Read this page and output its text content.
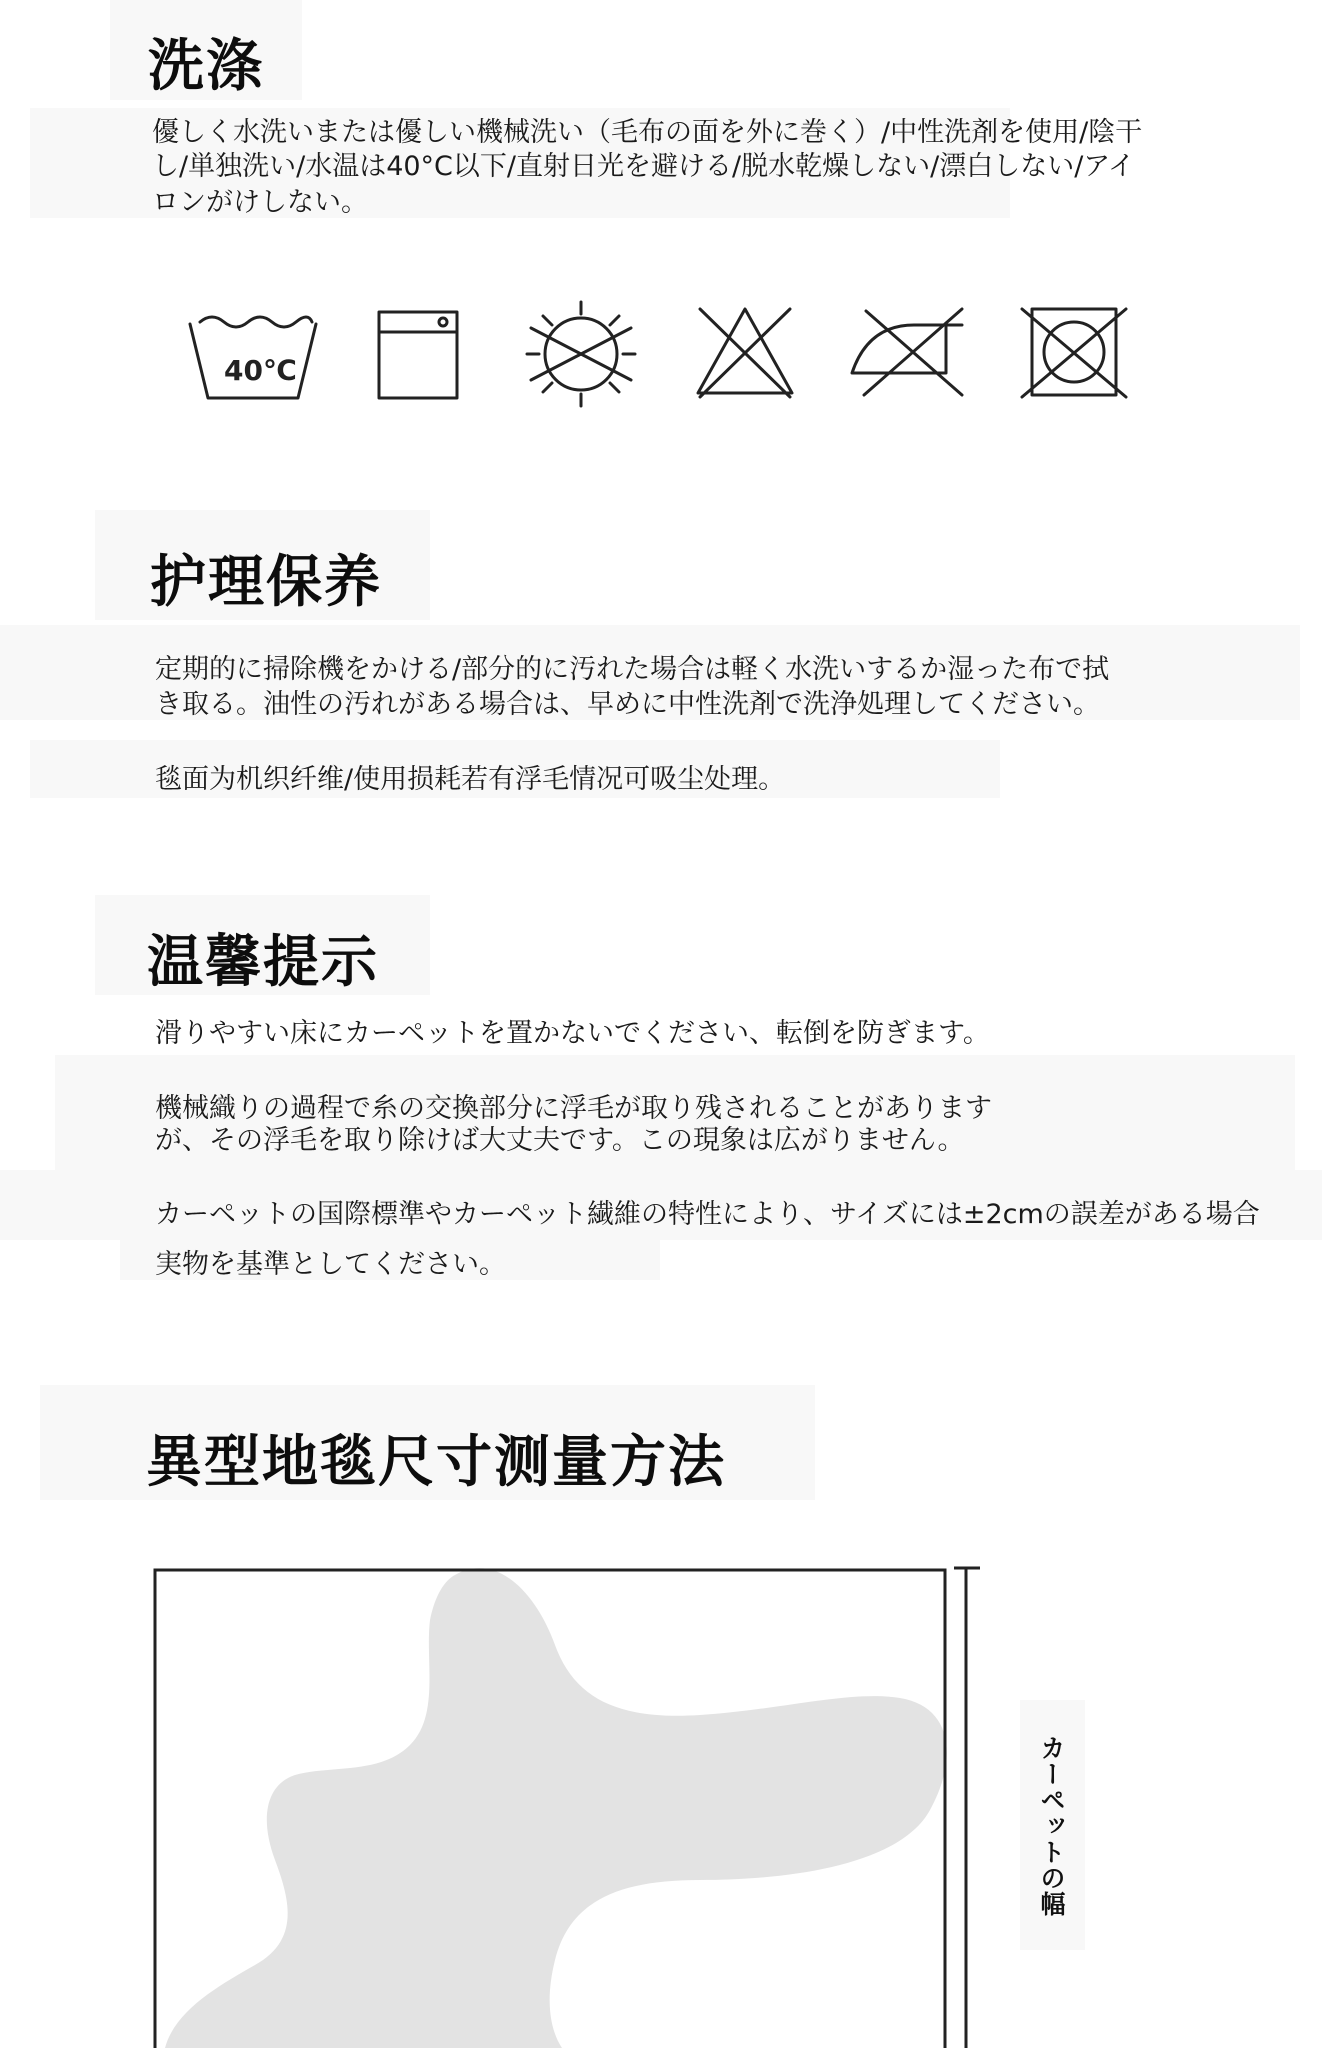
洗涤

優しく水洗いまたは優しい機械洗い（毛布の面を外に巻く）/中性洗剤を使用/陰干

し/単独洗い/水温は40°C以下/直射日光を避ける/脱水乾燥しない/漂白しない/アイ

ロンがけしない。

40℃
护理保养

定期的に掃除機をかける/部分的に汚れた場合は軽く水洗いするか湿った布で拭

き取る。油性の汚れがある場合は、早めに中性洗剤で洗浄処理してください。

毯面为机织纤维/使用损耗若有浮毛情况可吸尘处理。

温馨提示

滑りやすい床にカーペットを置かないでください、転倒を防ぎます。

機械織りの過程で糸の交換部分に浮毛が取り残されることがあります

が、その浮毛を取り除けば大丈夫です。この現象は広がりません。

カーペットの国際標準やカーペット繊維の特性により、サイズには±2cmの誤差がある場合

実物を基準としてください。

異型地毯尺寸测量方法
カーペットの幅
